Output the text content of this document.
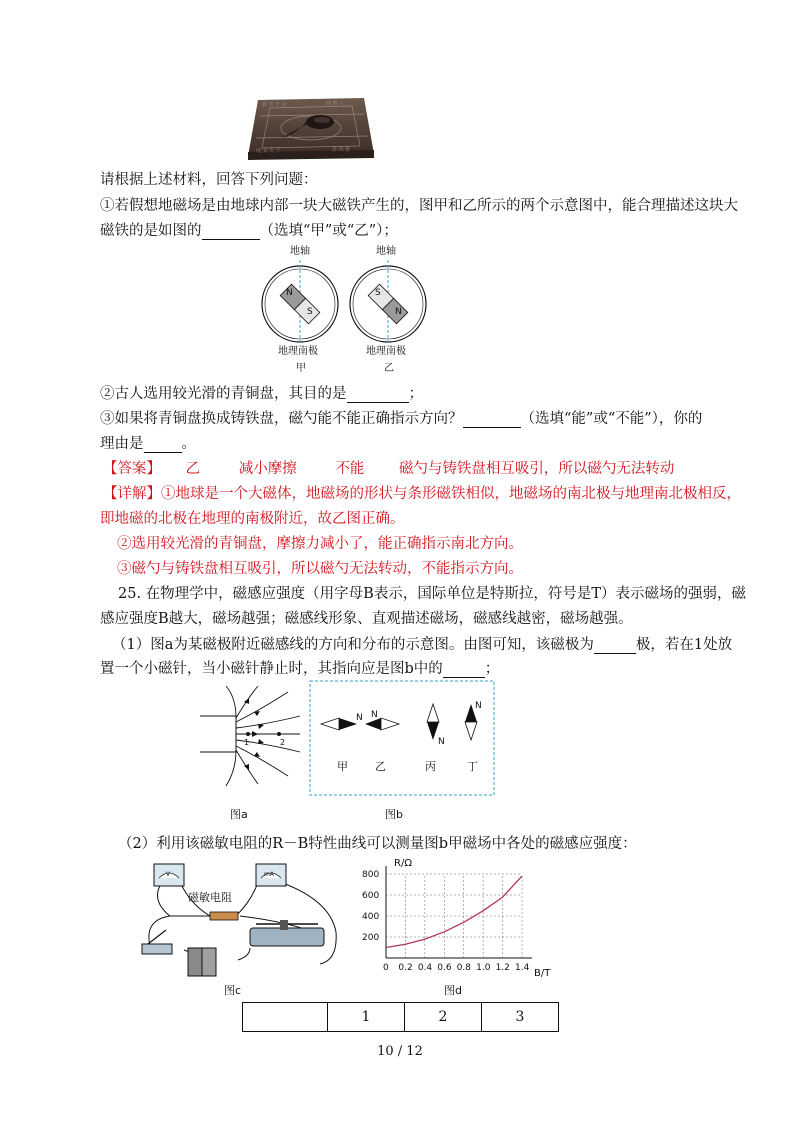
卦 天 干 支	四 维 八
地 支 天 干	卦 四 维
请根据上述材料，回答下列问题：
①若假想地磁场是由地球内部一块大磁铁产生的，图甲和乙所示的两个示意图中，能合理描述这块大
磁铁的是如图的	（选填“甲”或“乙”）；
地轴
N
S
地理南极
甲
地轴
S
N
地理南极
乙
②古人选用较光滑的青铜盘，其目的是	；
③如果将青铜盘换成铸铁盘，磁勺能不能正确指示方向？	（选填“能”或“不能”），你的
理由是	。
【答案】 乙	减小摩擦	不能 磁勺与铸铁盘相互吸引，所以磁勺无法转动
【详解】①地球是一个大磁体，地磁场的形状与条形磁铁相似，地磁场的南北极与地理南北极相反，
即地磁的北极在地理的南极附近，故乙图正确。
②选用较光滑的青铜盘，摩擦力减小了，能正确指示南北方向。
③磁勺与铸铁盘相互吸引，所以磁勺无法转动，不能指示方向。
25. 在物理学中，磁感应强度（用字母B表示，国际单位是特斯拉，符号是T）表示磁场的强弱，磁
感应强度B越大，磁场越强；磁感线形象、直观描述磁场，磁感线越密，磁场越强。
（1）图a为某磁极附近磁感线的方向和分布的示意图。由图可知，该磁极为	极，若在1处放
置一个小磁针，当小磁针静止时，其指向应是图b中的	；
1	2
图a
N N
N
N
甲 乙	丙	丁
图b
（2）利用该磁敏电阻的R－B特性曲线可以测量图b甲磁场中各处的磁感应强度：
V	mA
磁敏电阻
图c
R/Ω
B/T
0 0.2 0.4 0.6 0.8 1.0 1.2 1.4
200
400
600
800
图d
	1	2	3
10 / 12
